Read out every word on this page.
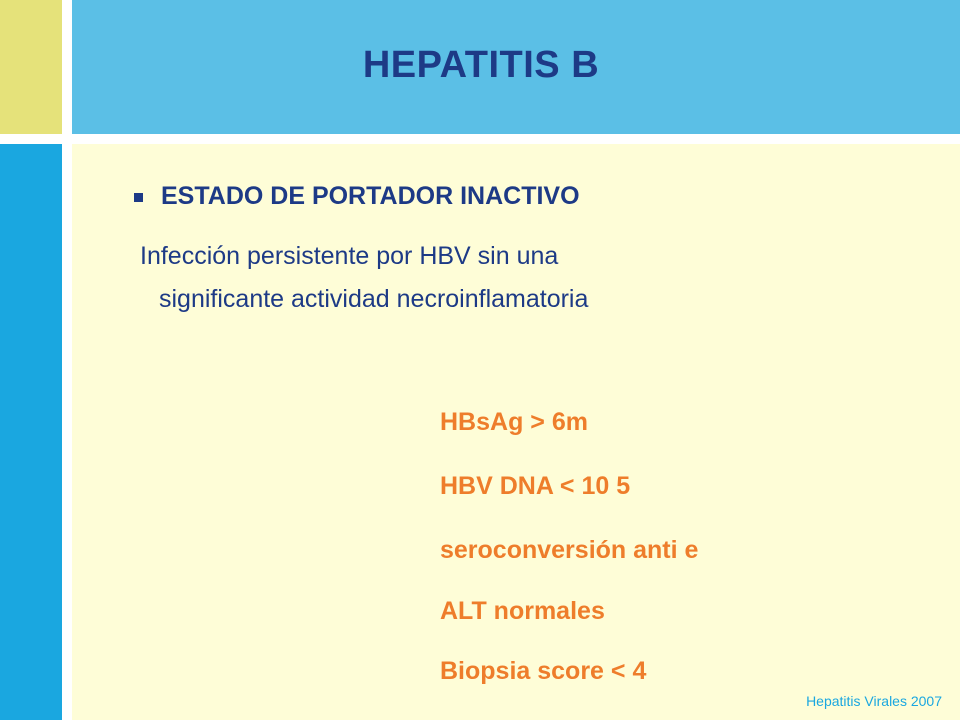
HEPATITIS B
ESTADO DE PORTADOR INACTIVO
Infección persistente por HBV sin una
significante actividad necroinflamatoria
HBsAg > 6m
HBV DNA < 10 5
seroconversión anti e
ALT normales
Biopsia score < 4
Hepatitis Virales 2007
